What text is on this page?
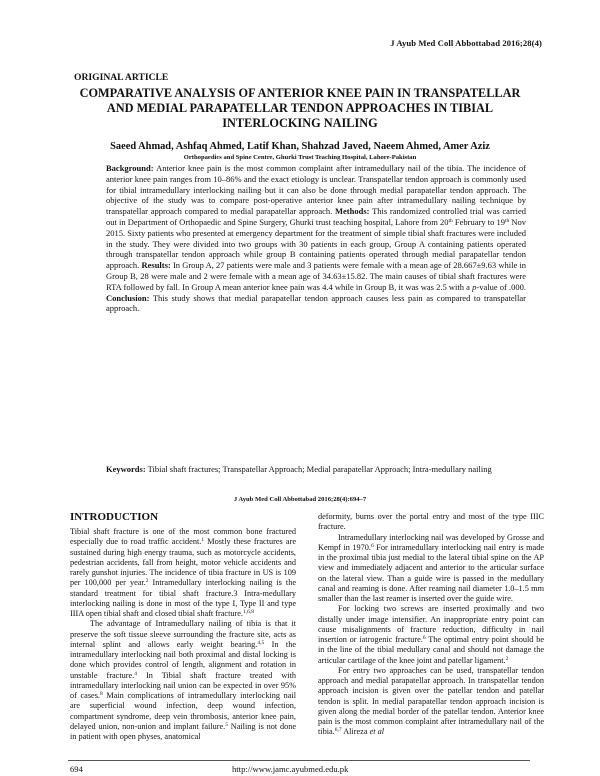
J Ayub Med Coll Abbottabad 2016;28(4)
ORIGINAL ARTICLE
COMPARATIVE ANALYSIS OF ANTERIOR KNEE PAIN IN TRANSPATELLAR AND MEDIAL PARAPATELLAR TENDON APPROACHES IN TIBIAL INTERLOCKING NAILING
Saeed Ahmad, Ashfaq Ahmed, Latif Khan, Shahzad Javed, Naeem Ahmed, Amer Aziz
Orthopaedics and Spine Centre, Ghurki Trust Teaching Hospital, Lahore-Pakistan
Background: Anterior knee pain is the most common complaint after intramedullary nail of the tibia. The incidence of anterior knee pain ranges from 10–86% and the exact etiology is unclear. Transpatellar tendon approach is commonly used for tibial intramedullary interlocking nailing but it can also be done through medial parapatellar tendon approach. The objective of the study was to compare post-operative anterior knee pain after intramedullary nailing technique by transpatellar approach compared to medial parapatellar approach. Methods: This randomized controlled trial was carried out in Department of Orthopaedic and Spine Surgery, Ghurki trust teaching hospital, Lahore from 20th February to 19th Nov 2015. Sixty patients who presented at emergency department for the treatment of simple tibial shaft fractures were included in the study. They were divided into two groups with 30 patients in each group, Group A containing patients operated through transpatellar tendon approach while group B containing patients operated through medial parapatellar tendon approach. Results: In Group A, 27 patients were male and 3 patients were female with a mean age of 28.667±9.63 while in Group B, 28 were male and 2 were female with a mean age of 34.63±15.82. The main causes of tibial shaft fractures were RTA followed by fall. In Group A mean anterior knee pain was 4.4 while in Group B, it was was 2.5 with a p-value of .000. Conclusion: This study shows that medial parapatellar tendon approach causes less pain as compared to transpatellar approach.
Keywords: Tibial shaft fractures; Transpatellar Approach; Medial parapatellar Approach; Intra-medullary nailing
J Ayub Med Coll Abbottabad 2016;28(4):694–7
INTRODUCTION

Tibial shaft fracture is one of the most common bone fractured especially due to road traffic accident.$^1$ Mostly these fractures are sustained during high energy trauma, such as motorcycle accidents, pedestrian accidents, fall from height, motor vehicle accidents and rarely gunshot injuries. The incidence of tibia fracture in US is 109 per 100,000 per year.$^2$ Intramedullary interlocking nailing is the standard treatment for tibial shaft fracture.3 Intra-medullary interlocking nailing is done in most of the type I, Type II and type IIIA open tibial shaft and closed tibial shaft fracture.$^{1,6,8}$

The advantage of Intramedullary nailing of tibia is that it preserve the soft tissue sleeve surrounding the fracture site, acts as internal splint and allows early weight bearing.$^{4,5}$ In the intramedullary interlocking nail both proximal and distal locking is done which provides control of length, alignment and rotation in unstable fracture.$^4$ In Tibial shaft fracture treated with intramedullary interlocking nail union can be expected in over 95% of cases.$^8$ Main complications of intramedullary interlocking nail are superficial wound infection, deep wound infection, compartment syndrome, deep vein thrombosis, anterior knee pain, delayed union, non-union and implant failure.$^5$ Nailing is not done in patient with open physes, anatomical

deformity, burns over the portal entry and most of the type IIIC fracture.

Intramedullary interlocking nail was developed by Grosse and Kempf in 1970.$^6$ For intramedullary interlocking nail entry is made in the proximal tibia just medial to the lateral tibial spine on the AP view and immediately adjacent and anterior to the articular surface on the lateral view. Than a guide wire is passed in the medullary canal and reaming is done. After reaming nail diameter 1.0–1.5 mm smaller than the last reamer is inserted over the guide wire.

For locking two screws are inserted proximally and two distally under image intensifier. An inappropriate entry point can cause misalignments of fracture reduction, difficulty in nail insertion or iatrogenic fracture.$^6$ The optimal entry point should be in the line of the tibial medullary canal and should not damage the articular cartilage of the knee joint and patellar ligament.$^2$

For entry two approaches can be used, transpatellar tendon approach and medial parapatellar approach. In transpatellar tendon approach incision is given over the patellar tendon and patellar tendon is split. In medial parapatellar tendon approach incision is given along the medial border of the patellar tendon. Anterior knee pain is the most common complaint after intramedullary nail of the tibia.$^{6,7}$ Alireza et al

694	http://www.jamc.ayubmed.edu.pk
